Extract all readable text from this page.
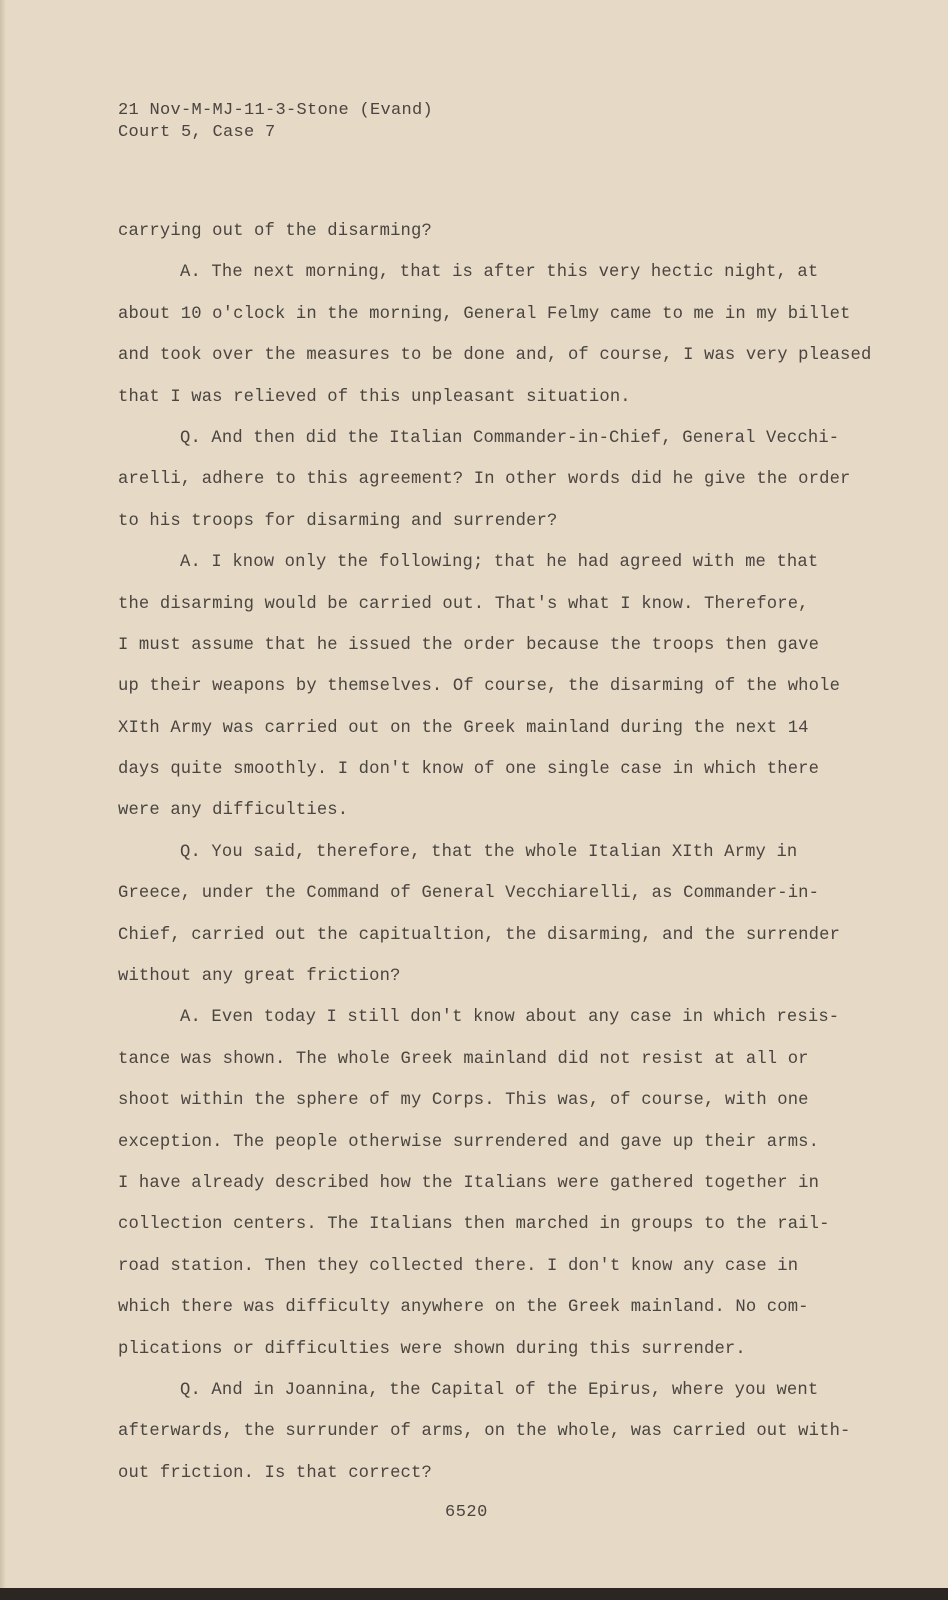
21 Nov-M-MJ-11-3-Stone (Evand)
Court 5, Case 7
carrying out of the disarming?
A. The next morning, that is after this very hectic night, at
about 10 o'clock in the morning, General Felmy came to me in my billet
and took over the measures to be done and, of course, I was very pleased
that I was relieved of this unpleasant situation.
Q. And then did the Italian Commander-in-Chief, General Vecchi-
arelli, adhere to this agreement? In other words did he give the order
to his troops for disarming and surrender?
A. I know only the following; that he had agreed with me that
the disarming would be carried out. That's what I know. Therefore,
I must assume that he issued the order because the troops then gave
up their weapons by themselves. Of course, the disarming of the whole
XIth Army was carried out on the Greek mainland during the next 14
days quite smoothly. I don't know of one single case in which there
were any difficulties.
Q. You said, therefore, that the whole Italian XIth Army in
Greece, under the Command of General Vecchiarelli, as Commander-in-
Chief, carried out the capitualtion, the disarming, and the surrender
without any great friction?
A. Even today I still don't know about any case in which resis-
tance was shown. The whole Greek mainland did not resist at all or
shoot within the sphere of my Corps. This was, of course, with one
exception. The people otherwise surrendered and gave up their arms.
I have already described how the Italians were gathered together in
collection centers. The Italians then marched in groups to the rail-
road station. Then they collected there. I don't know any case in
which there was difficulty anywhere on the Greek mainland. No com-
plications or difficulties were shown during this surrender.
Q. And in Joannina, the Capital of the Epirus, where you went
afterwards, the surrunder of arms, on the whole, was carried out with-
out friction. Is that correct?
6520
